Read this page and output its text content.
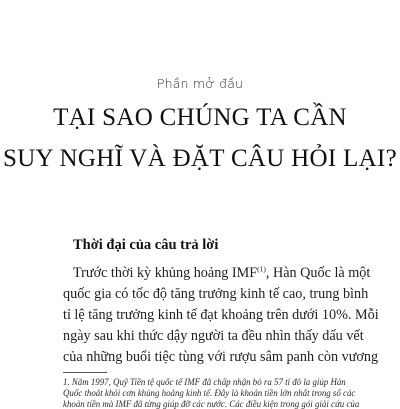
Phần mở đầu
TẠI SAO CHÚNG TA CẦN
SUY NGHĨ VÀ ĐẶT CÂU HỎI LẠI?
Thời đại của câu trả lời
Trước thời kỳ khủng hoảng IMF$^{(1)}$, Hàn Quốc là một
quốc gia có tốc độ tăng trưởng kinh tế cao, trung bình
tỉ lệ tăng trưởng kinh tế đạt khoảng trên dưới 10%. Mỗi
ngày sau khi thức dậy người ta đều nhìn thấy dấu vết
của những buổi tiệc tùng với rượu sâm panh còn vương
1. Năm 1997, Quỹ Tiền tệ quốc tế IMF đã chấp nhận bỏ ra 57 tỉ đô la giúp Hàn
Quốc thoát khỏi cơn khủng hoảng kinh tế. Đây là khoản tiền lớn nhất trong số các
khoản tiền mà IMF đã từng giúp đỡ các nước. Các điều kiện trong gói giải cứu của
